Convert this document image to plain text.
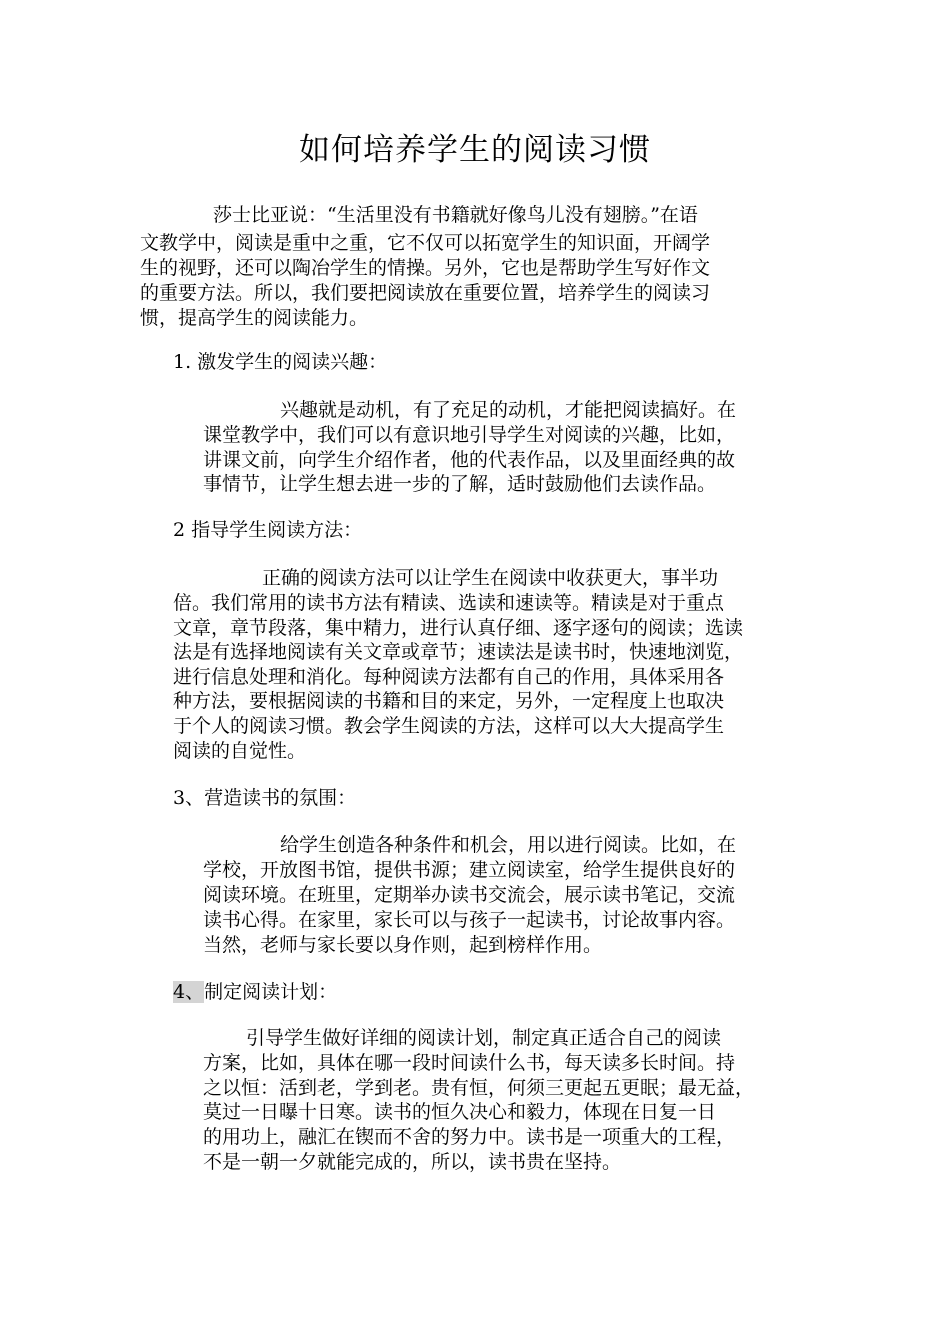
如何培养学生的阅读习惯
莎士比亚说：“生活里没有书籍就好像鸟儿没有翅膀。”在语
文教学中，阅读是重中之重，它不仅可以拓宽学生的知识面，开阔学
生的视野，还可以陶冶学生的情操。另外，它也是帮助学生写好作文
的重要方法。所以，我们要把阅读放在重要位置，培养学生的阅读习
惯，提高学生的阅读能力。
1. 激发学生的阅读兴趣：
兴趣就是动机，有了充足的动机，才能把阅读搞好。在
课堂教学中，我们可以有意识地引导学生对阅读的兴趣，比如，
讲课文前，向学生介绍作者，他的代表作品，以及里面经典的故
事情节，让学生想去进一步的了解，适时鼓励他们去读作品。
2 指导学生阅读方法：
正确的阅读方法可以让学生在阅读中收获更大，事半功
倍。我们常用的读书方法有精读、选读和速读等。精读是对于重点
文章，章节段落，集中精力，进行认真仔细、逐字逐句的阅读；选读
法是有选择地阅读有关文章或章节；速读法是读书时，快速地浏览，
进行信息处理和消化。每种阅读方法都有自己的作用，具体采用各
种方法，要根据阅读的书籍和目的来定，另外，一定程度上也取决
于个人的阅读习惯。教会学生阅读的方法，这样可以大大提高学生
阅读的自觉性。
3、营造读书的氛围：
给学生创造各种条件和机会，用以进行阅读。比如，在
学校，开放图书馆，提供书源；建立阅读室，给学生提供良好的
阅读环境。在班里，定期举办读书交流会，展示读书笔记，交流
读书心得。在家里，家长可以与孩子一起读书，讨论故事内容。
当然，老师与家长要以身作则，起到榜样作用。
4、制定阅读计划：
引导学生做好详细的阅读计划，制定真正适合自己的阅读
方案，比如，具体在哪一段时间读什么书，每天读多长时间。持
之以恒：活到老，学到老。贵有恒，何须三更起五更眠；最无益，
莫过一日曝十日寒。读书的恒久决心和毅力，体现在日复一日
的用功上，融汇在锲而不舍的努力中。读书是一项重大的工程，
不是一朝一夕就能完成的，所以，读书贵在坚持。
